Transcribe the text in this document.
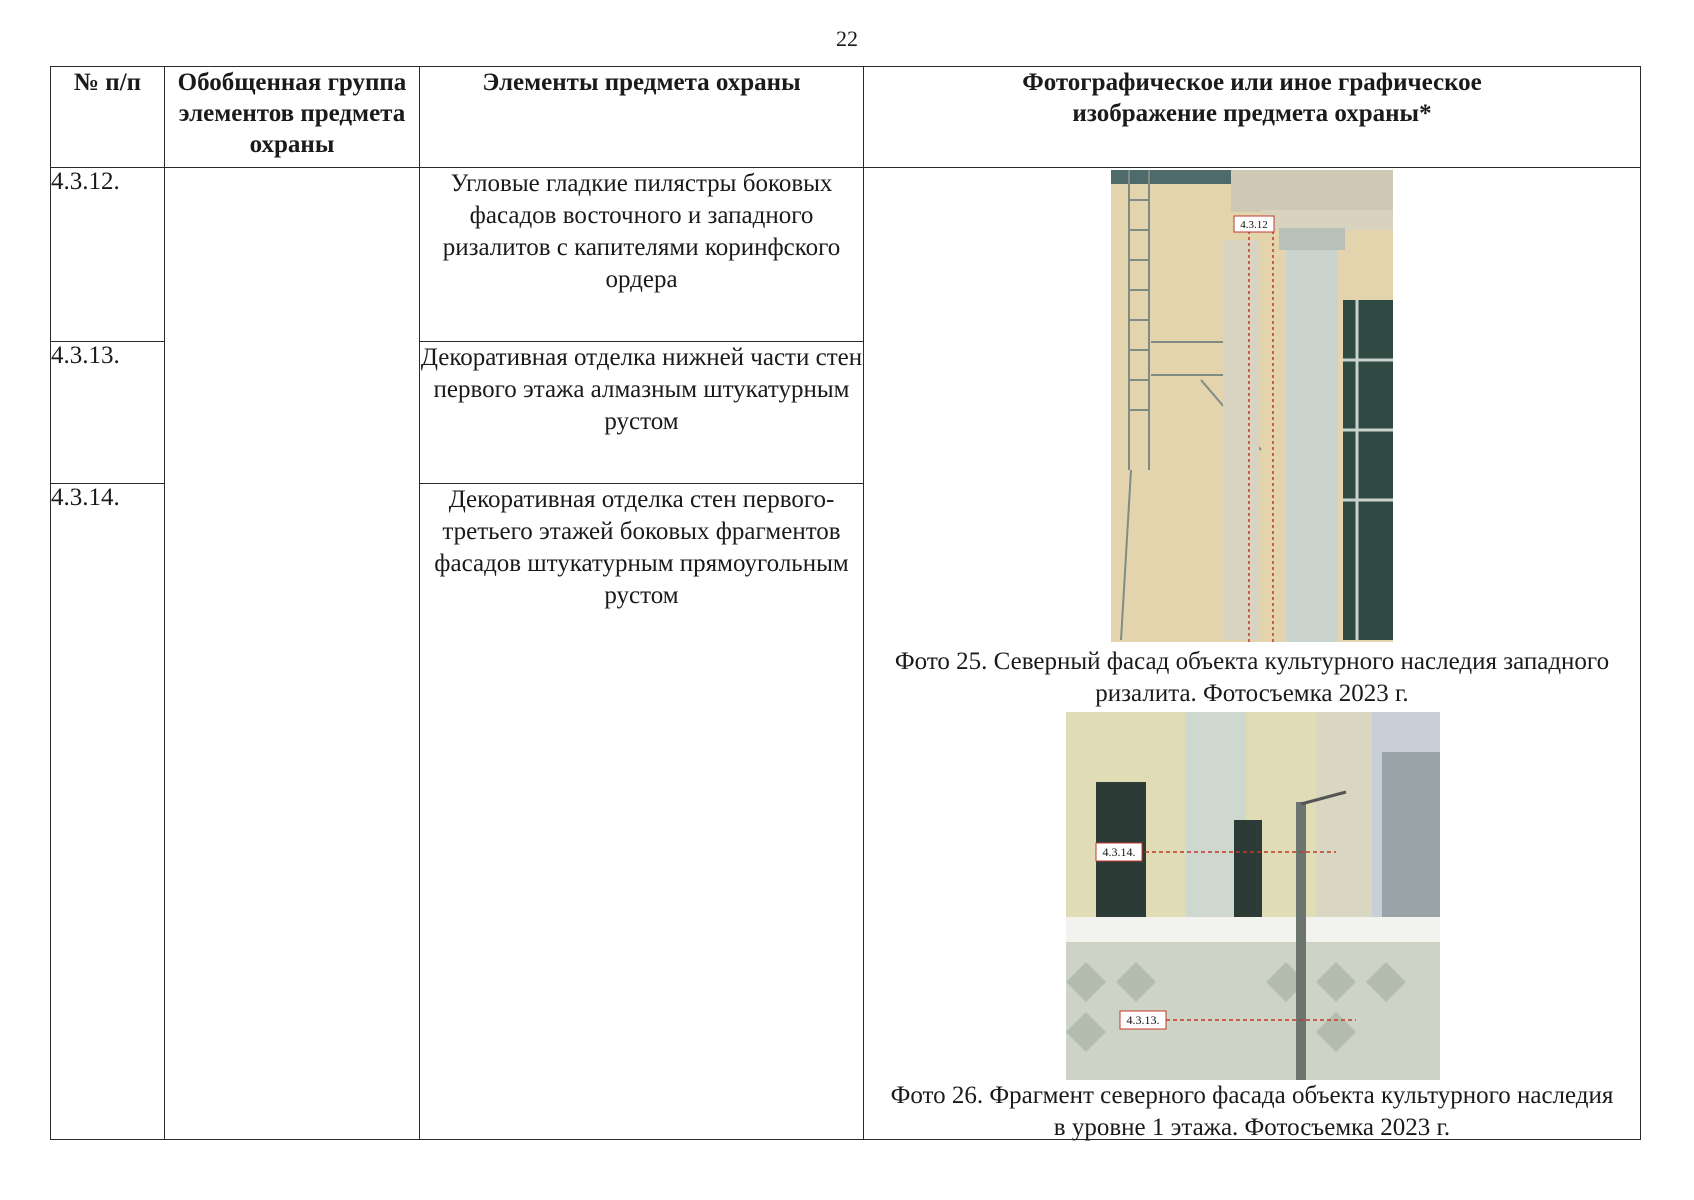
22
№ п/п	Обобщенная группа элементов предмета охраны	Элементы предмета охраны	Фотографическое или иное графическое изображение предмета охраны*
4.3.12.		Угловые гладкие пилястры боковых фасадов восточного и западного ризалитов с капителями коринфского ордера	4.3.12
Фото 25. Северный фасад объекта культурного наследия западного ризалита. Фотосъемка 2023 г.
4.3.14.
4.3.13.
Фото 26. Фрагмент северного фасада объекта культурного наследия в уровне 1 этажа. Фотосъемка 2023 г.

4.3.13.		Декоративная отделка нижней части стен первого этажа алмазным штукатурным рустом	
4.3.14.		Декоративная отделка стен первого-третьего этажей боковых фрагментов фасадов штукатурным прямоугольным рустом	
